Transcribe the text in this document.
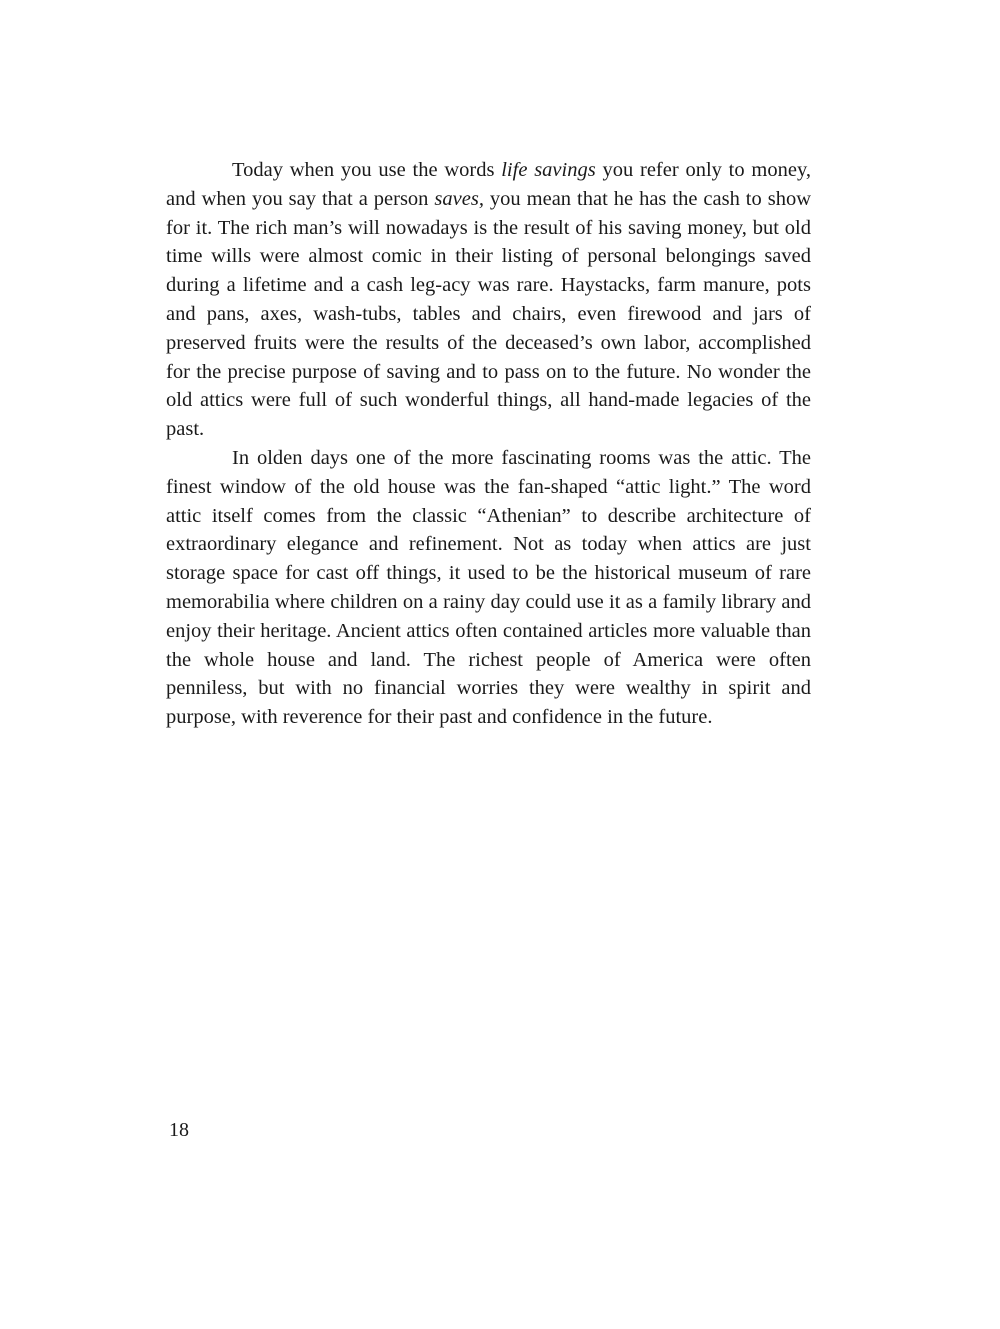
Today when you use the words life savings you refer only to money, and when you say that a person saves, you mean that he has the cash to show for it. The rich man’s will nowadays is the result of his saving money, but old time wills were almost comic in their listing of personal belongings saved during a lifetime and a cash leg-acy was rare. Haystacks, farm manure, pots and pans, axes, wash-tubs, tables and chairs, even firewood and jars of preserved fruits were the results of the deceased’s own labor, accomplished for the precise purpose of saving and to pass on to the future. No wonder the old attics were full of such wonderful things, all hand-made legacies of the past.

In olden days one of the more fascinating rooms was the attic. The finest window of the old house was the fan-shaped “attic light.” The word attic itself comes from the classic “Athenian” to describe architecture of extraordinary elegance and refinement. Not as today when attics are just storage space for cast off things, it used to be the historical museum of rare memorabilia where children on a rainy day could use it as a family library and enjoy their heritage. Ancient attics often contained articles more valuable than the whole house and land. The richest people of America were often penniless, but with no financial worries they were wealthy in spirit and purpose, with reverence for their past and confidence in the future.

18
